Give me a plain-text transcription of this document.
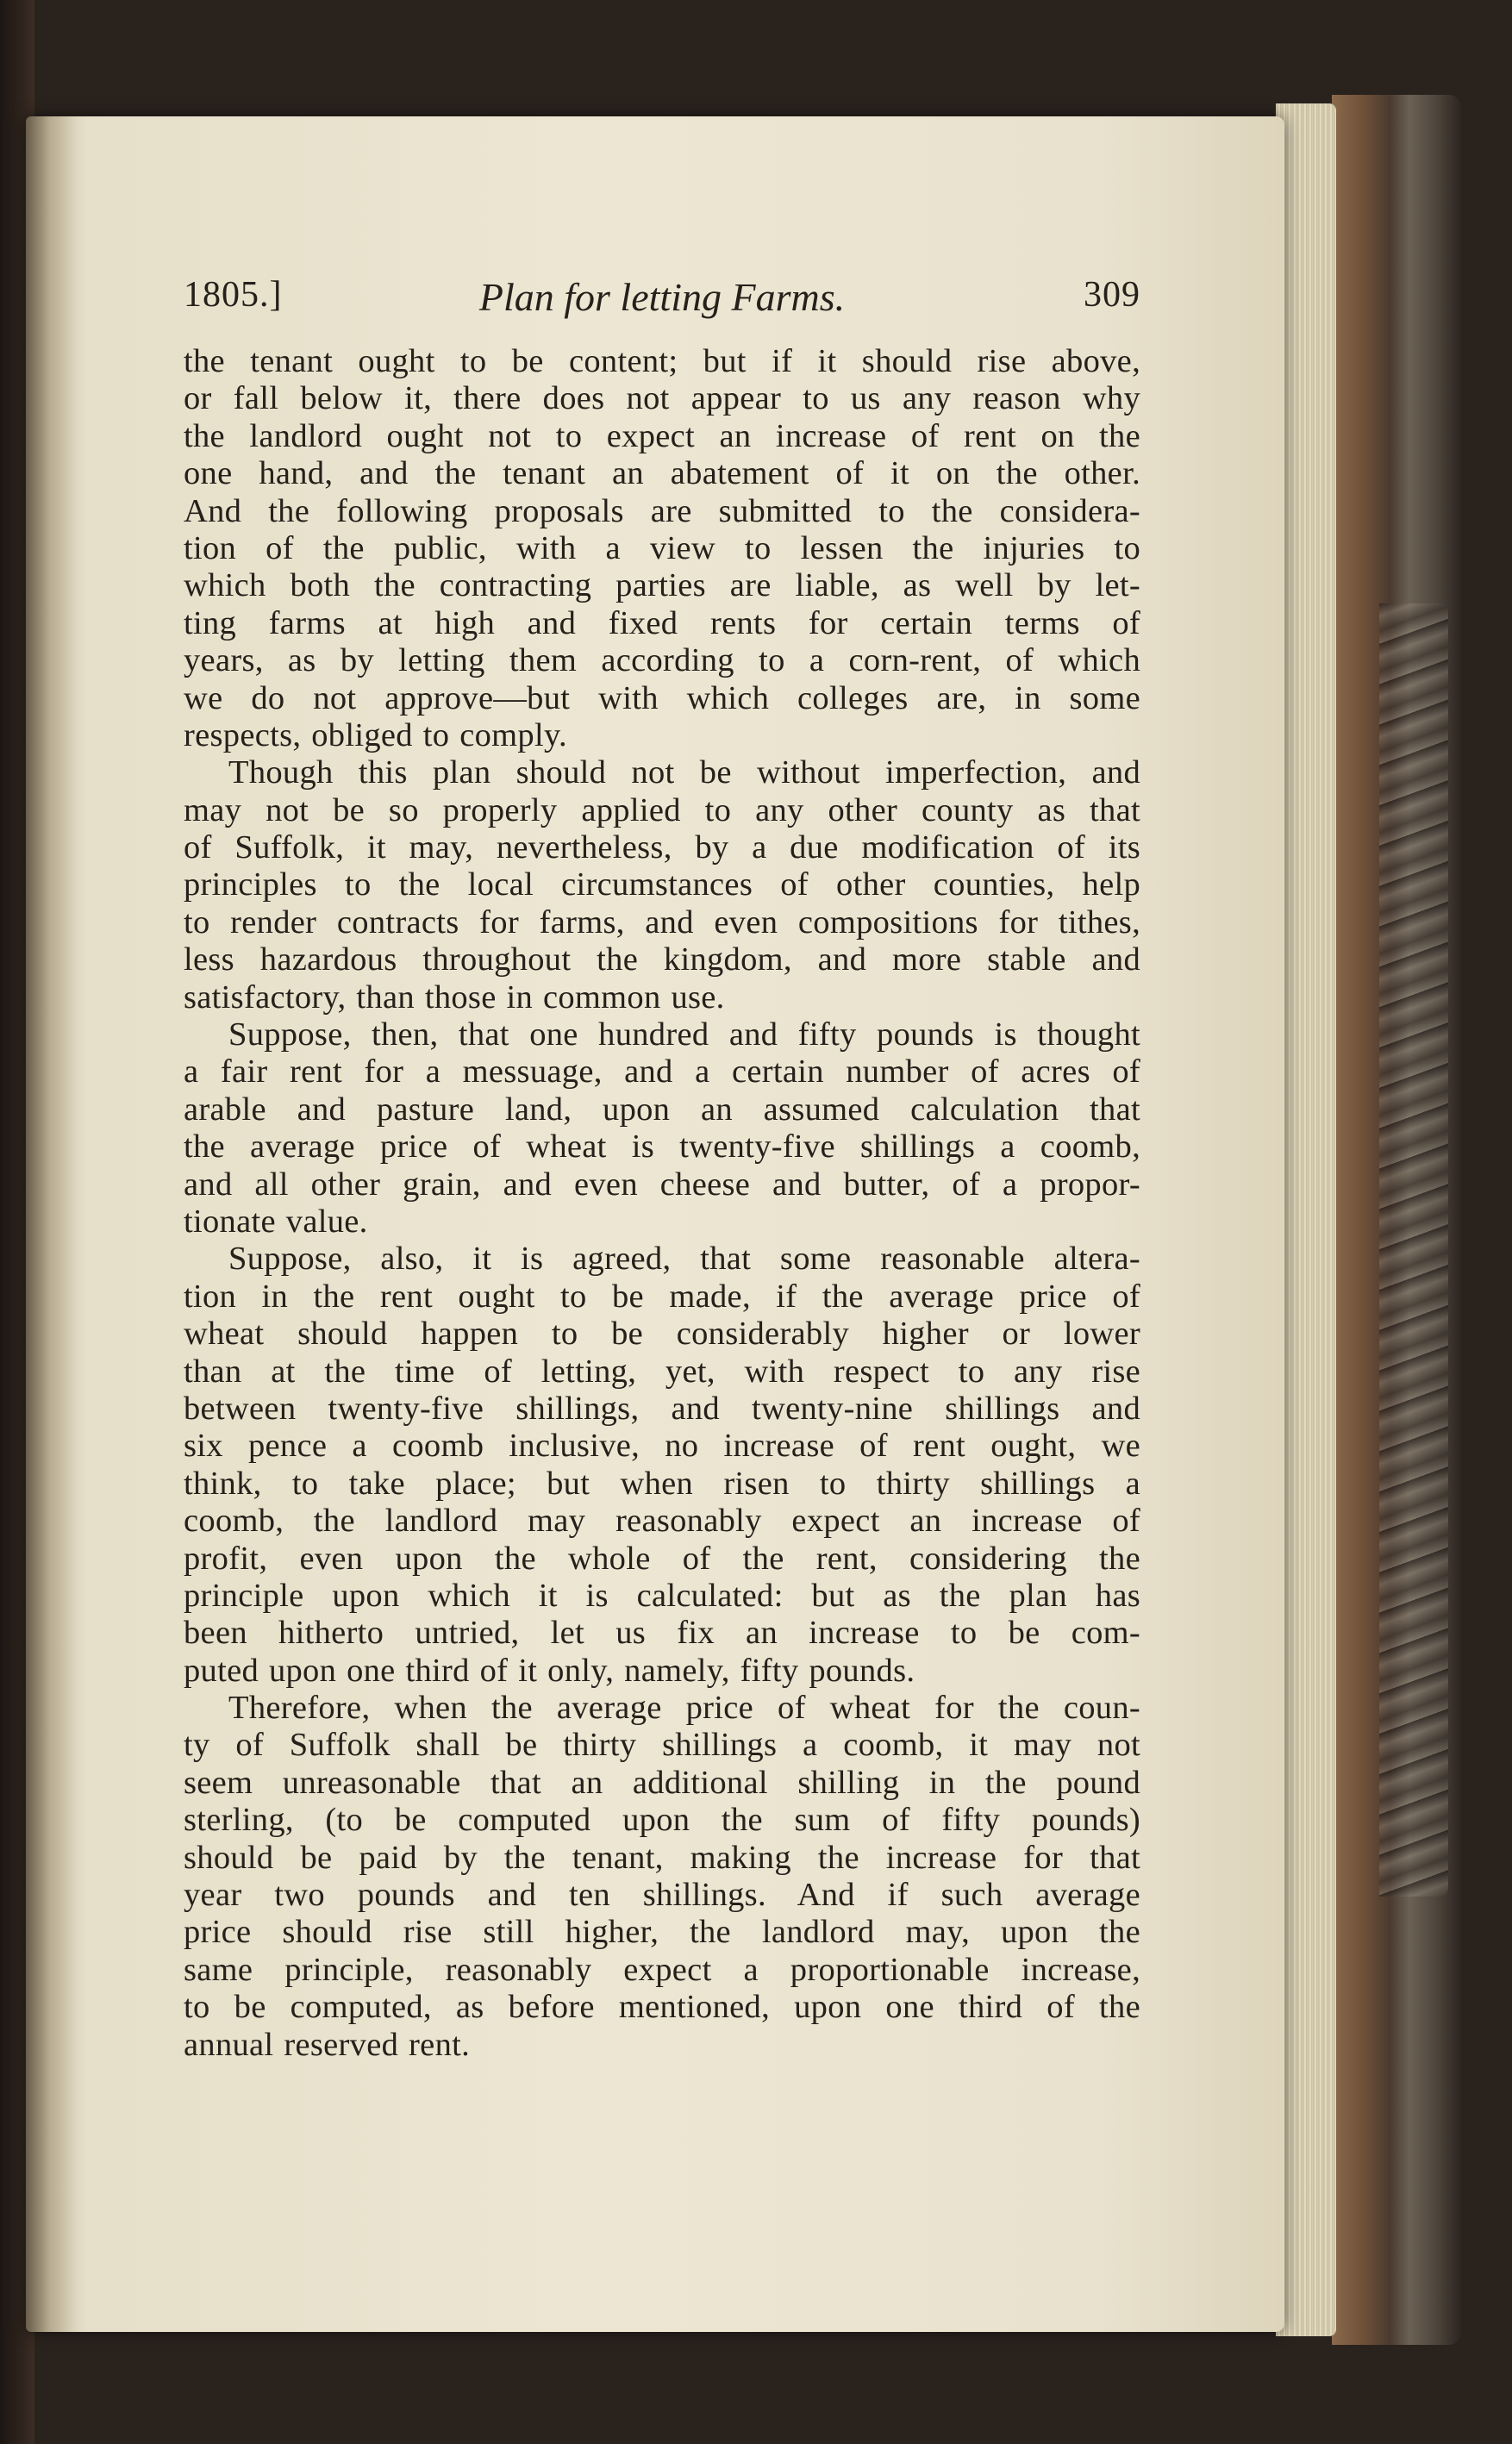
1805.]	Plan for letting Farms.	309
the tenant ought to be content; but if it should rise above,
or fall below it, there does not appear to us any reason why
the landlord ought not to expect an increase of rent on the
one hand, and the tenant an abatement of it on the other.
And the following proposals are submitted to the considera-
tion of the public, with a view to lessen the injuries to
which both the contracting parties are liable, as well by let-
ting farms at high and fixed rents for certain terms of
years, as by letting them according to a corn-rent, of which
we do not approve—but with which colleges are, in some
respects, obliged to comply.
Though this plan should not be without imperfection, and
may not be so properly applied to any other county as that
of Suffolk, it may, nevertheless, by a due modification of its
principles to the local circumstances of other counties, help
to render contracts for farms, and even compositions for tithes,
less hazardous throughout the kingdom, and more stable and
satisfactory, than those in common use.
Suppose, then, that one hundred and fifty pounds is thought
a fair rent for a messuage, and a certain number of acres of
arable and pasture land, upon an assumed calculation that
the average price of wheat is twenty-five shillings a coomb,
and all other grain, and even cheese and butter, of a propor-
tionate value.
Suppose, also, it is agreed, that some reasonable altera-
tion in the rent ought to be made, if the average price of
wheat should happen to be considerably higher or lower
than at the time of letting, yet, with respect to any rise
between twenty-five shillings, and twenty-nine shillings and
six pence a coomb inclusive, no increase of rent ought, we
think, to take place; but when risen to thirty shillings a
coomb, the landlord may reasonably expect an increase of
profit, even upon the whole of the rent, considering the
principle upon which it is calculated: but as the plan has
been hitherto untried, let us fix an increase to be com-
puted upon one third of it only, namely, fifty pounds.
Therefore, when the average price of wheat for the coun-
ty of Suffolk shall be thirty shillings a coomb, it may not
seem unreasonable that an additional shilling in the pound
sterling, (to be computed upon the sum of fifty pounds)
should be paid by the tenant, making the increase for that
year two pounds and ten shillings. And if such average
price should rise still higher, the landlord may, upon the
same principle, reasonably expect a proportionable increase,
to be computed, as before mentioned, upon one third of the
annual reserved rent.
